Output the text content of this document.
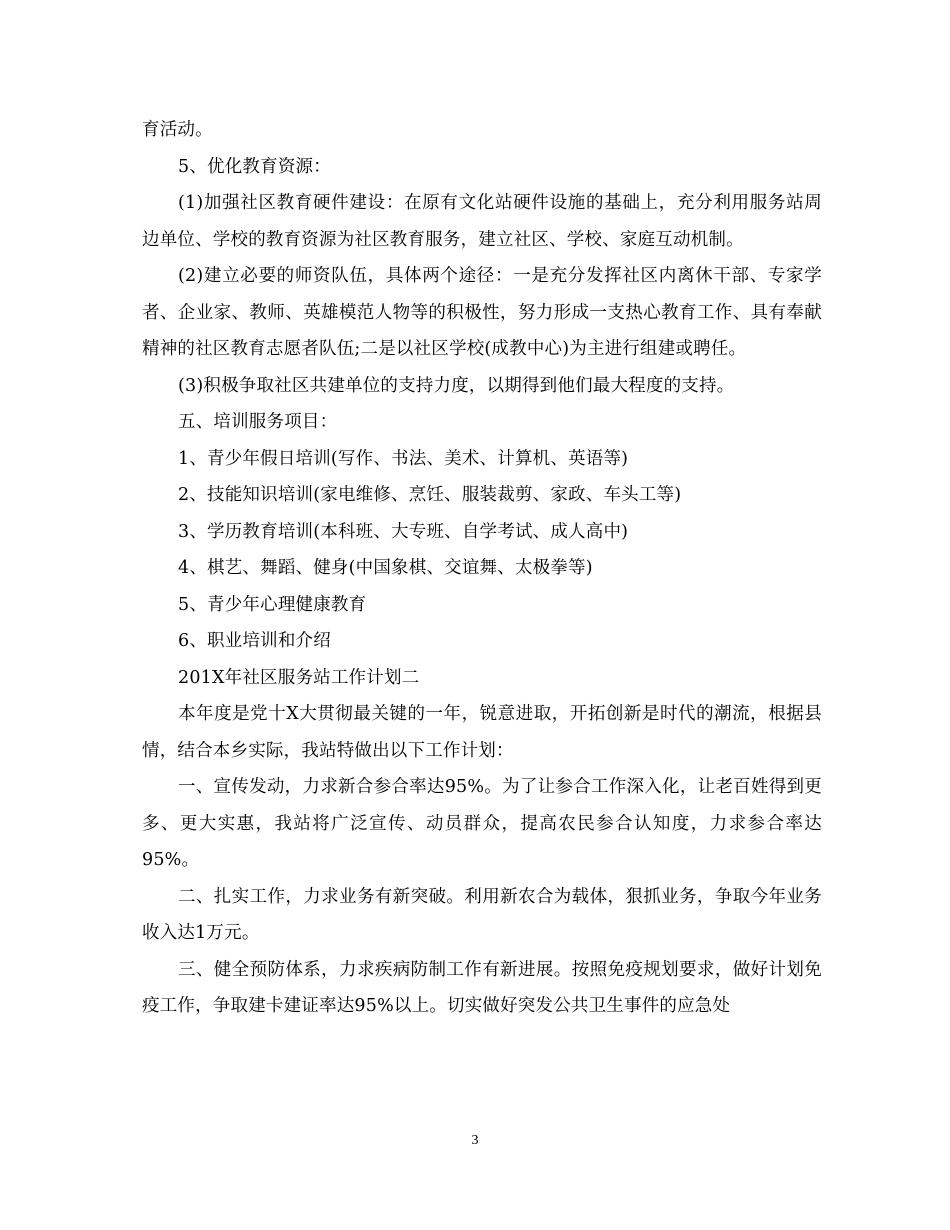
育活动。

5、优化教育资源：

(1)加强社区教育硬件建设：在原有文化站硬件设施的基础上，充分利用服务站周边单位、学校的教育资源为社区教育服务，建立社区、学校、家庭互动机制。

(2)建立必要的师资队伍，具体两个途径：一是充分发挥社区内离休干部、专家学者、企业家、教师、英雄模范人物等的积极性，努力形成一支热心教育工作、具有奉献精神的社区教育志愿者队伍;二是以社区学校(成教中心)为主进行组建或聘任。

(3)积极争取社区共建单位的支持力度，以期得到他们最大程度的支持。

五、培训服务项目：

1、青少年假日培训(写作、书法、美术、计算机、英语等)

2、技能知识培训(家电维修、烹饪、服装裁剪、家政、车头工等)

3、学历教育培训(本科班、大专班、自学考试、成人高中)

4、棋艺、舞蹈、健身(中国象棋、交谊舞、太极拳等)

5、青少年心理健康教育

6、职业培训和介绍

201X年社区服务站工作计划二

本年度是党十X大贯彻最关键的一年，锐意进取，开拓创新是时代的潮流，根据县情，结合本乡实际，我站特做出以下工作计划：

一、宣传发动，力求新合参合率达95%。为了让参合工作深入化，让老百姓得到更多、更大实惠，我站将广泛宣传、动员群众，提高农民参合认知度，力求参合率达95%。

二、扎实工作，力求业务有新突破。利用新农合为载体，狠抓业务，争取今年业务收入达1万元。

三、健全预防体系，力求疾病防制工作有新进展。按照免疫规划要求，做好计划免疫工作，争取建卡建证率达95%以上。切实做好突发公共卫生事件的应急处

3
